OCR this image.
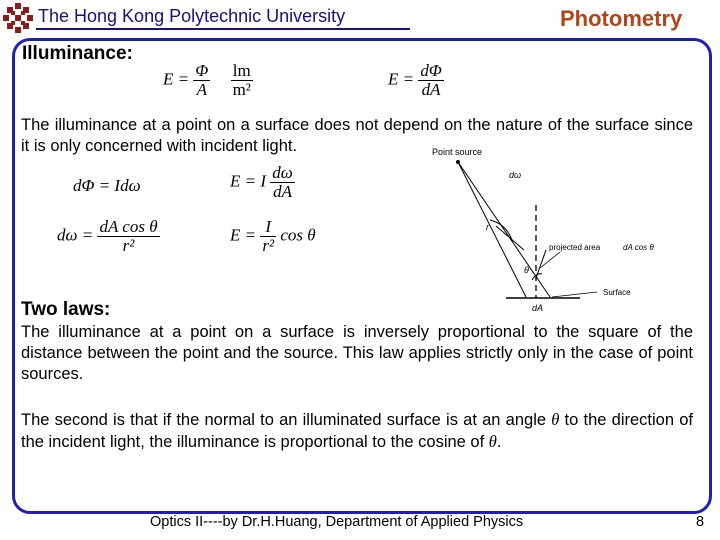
The Hong Kong Polytechnic University	Photometry
Illuminance:
$E = \frac{\Phi}{A}$
$\frac{lm}{\text{m²}}$	$E = \frac{d\Phi}{dA}$
The illuminance at a point on a surface does not depend on the nature of the surface since it is only concerned with incident light.
dΦ = Idω	E = I $\frac{d\omega}{dA}$
$d\omega = \frac{\text{dA cos θ}}{\text{r²}}$	$E = \frac{I}{\text{r²}}$ cos θ
Point source
dω
r
θ
projected area	dA cos θ
Surface
dA
Two laws:
The illuminance at a point on a surface is inversely proportional to the square of the distance between the point and the source. This law applies strictly only in the case of point sources.
The second is that if the normal to an illuminated surface is at an angle θ to the direction of the incident light, the illuminance is proportional to the cosine of θ.
Optics II----by Dr.H.Huang, Department of Applied Physics	8
